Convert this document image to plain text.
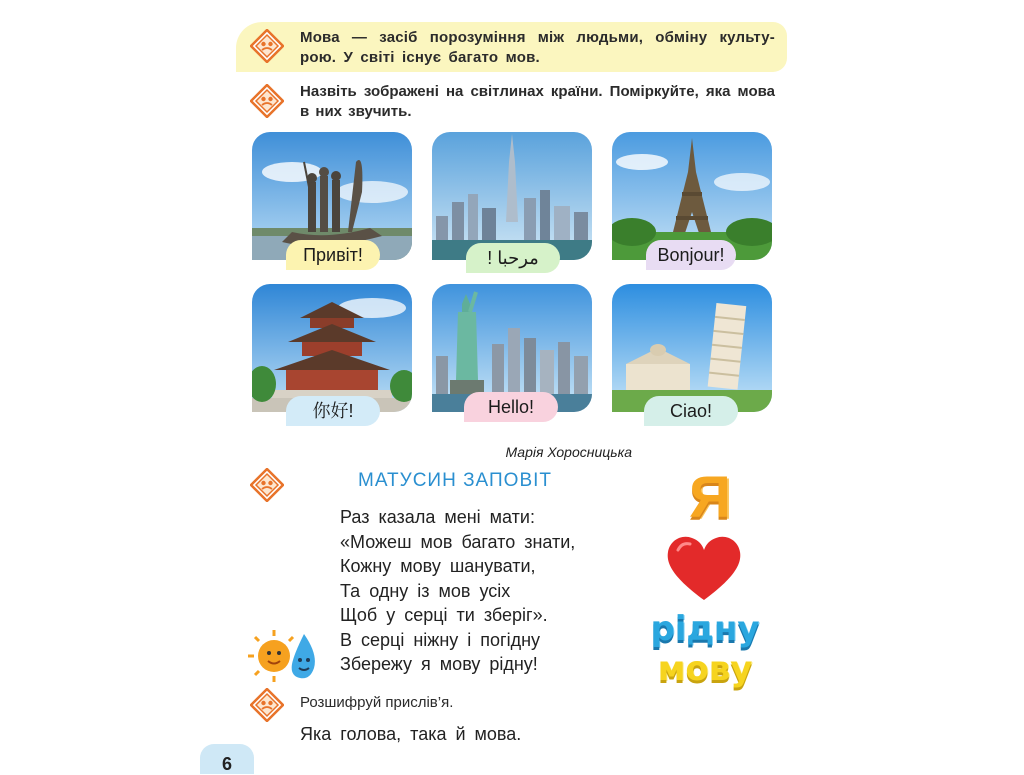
Мова — засіб порозуміння між людьми, обміну культу- рою. У світі існує багато мов.
Назвіть зображені на світлинах країни. Поміркуйте, яка мова в них звучить.
Привіт!	مرحبا !	Bonjour!
你好!	Hello!	Ciao!
Марія Хоросницька
МАТУСИН ЗАПОВІТ
Раз казала мені мати:
«Можеш мов багато знати,
Кожну мову шанувати,
Та одну із мов усіх
Щоб у серці ти зберіг».
В серці ніжну і погідну
Збережу я мову рідну!
Я
рідну
мову
Розшифруй прислів’я.
Яка голова, така й мова.
6
